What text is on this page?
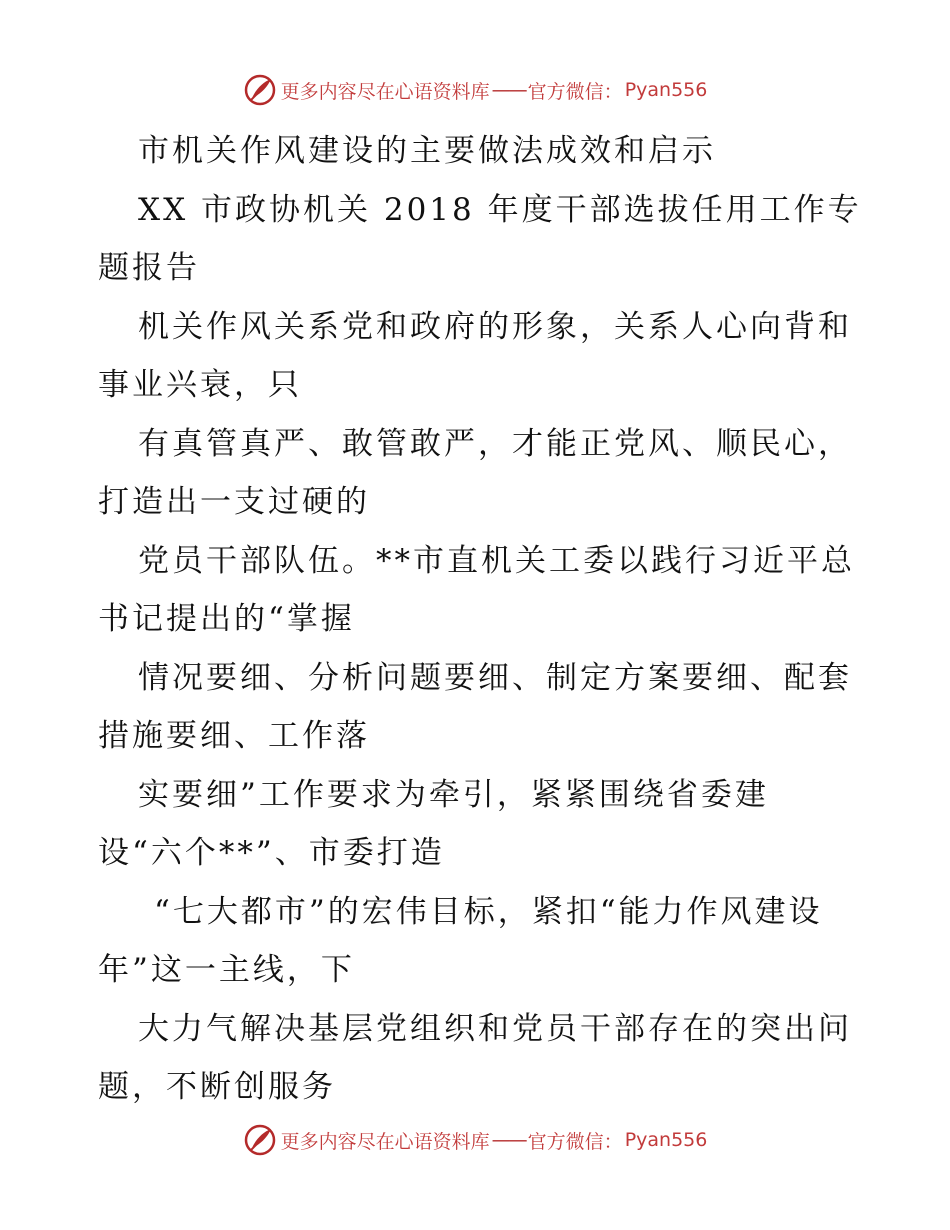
更多内容尽在心语资料库 —— 官方微信： Pyan556

市机关作风建设的主要做法成效和启示

XX 市政协机关 2018 年度干部选拔任用工作专

题报告

机关作风关系党和政府的形象，关系人心向背和

事业兴衰，只

有真管真严、敢管敢严，才能正党风、顺民心，

打造出一支过硬的

党员干部队伍。**市直机关工委以践行习近平总

书记提出的“掌握

情况要细、分析问题要细、制定方案要细、配套

措施要细、工作落

实要细”工作要求为牵引，紧紧围绕省委建

设“六个**”、市委打造

“七大都市”的宏伟目标，紧扣“能力作风建设

年”这一主线，下

大力气解决基层党组织和党员干部存在的突出问

题，不断创服务

更多内容尽在心语资料库 —— 官方微信： Pyan556
